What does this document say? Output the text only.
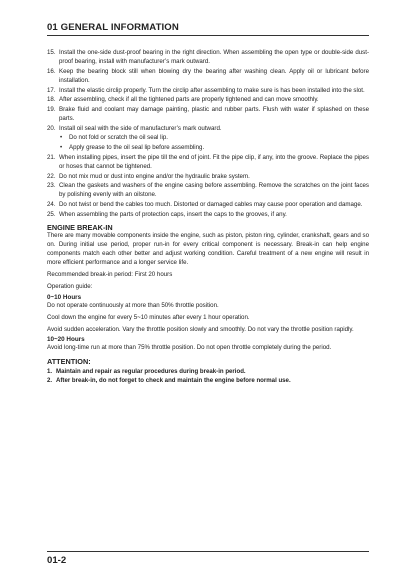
01 GENERAL INFORMATION
15. Install the one-side dust-proof bearing in the right direction. When assembling the open type or double-side dust-proof bearing, install with manufacturer’s mark outward.
16. Keep the bearing block still when blowing dry the bearing after washing clean. Apply oil or lubricant before installation.
17. Install the elastic circlip properly. Turn the circlip after assembling to make sure is has been installed into the slot.
18. After assembling, check if all the tightened parts are properly tightened and can move smoothly.
19. Brake fluid and coolant may damage painting, plastic and rubber parts. Flush with water if splashed on these parts.
20. Install oil seal with the side of manufacturer’s mark outward.
• Do not fold or scratch the oil seal lip.
• Apply grease to the oil seal lip before assembling.
21. When installing pipes, insert the pipe till the end of joint. Fit the pipe clip, if any, into the groove. Replace the pipes or hoses that cannot be tightened.
22. Do not mix mud or dust into engine and/or the hydraulic brake system.
23. Clean the gaskets and washers of the engine casing before assembling. Remove the scratches on the joint faces by polishing evenly with an oilstone.
24. Do not twist or bend the cables too much. Distorted or damaged cables may cause poor operation and damage.
25. When assembling the parts of protection caps, insert the caps to the grooves, if any.
ENGINE BREAK-IN
There are many movable components inside the engine, such as piston, piston ring, cylinder, crankshaft, gears and so on. During initial use period, proper run-in for every critical component is necessary. Break-in can help engine components match each other better and adjust working condition. Careful treatment of a new engine will result in more efficient performance and a longer service life.
Recommended break-in period: First 20 hours
Operation guide:
0~10 Hours
Do not operate continuously at more than 50% throttle position.
Cool down the engine for every 5~10 minutes after every 1 hour operation.
Avoid sudden acceleration. Vary the throttle position slowly and smoothly. Do not vary the throttle position rapidly.
10~20 Hours
Avoid long-time run at more than 75% throttle position. Do not open throttle completely during the period.
ATTENTION:
1. Maintain and repair as regular procedures during break-in period.
2. After break-in, do not forget to check and maintain the engine before normal use.
01-2
